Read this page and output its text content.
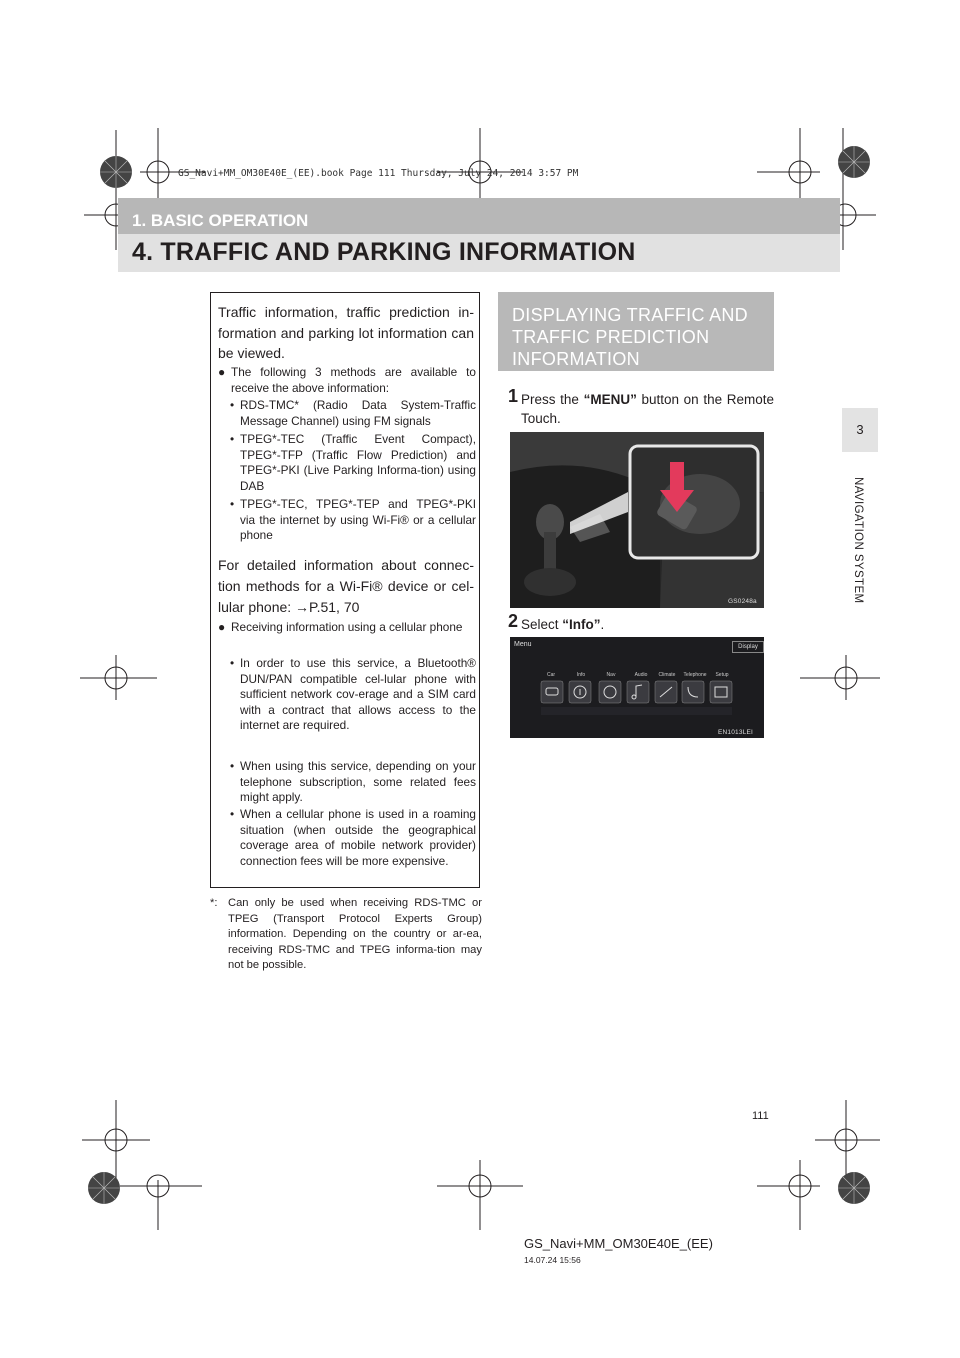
GS_Navi+MM_OM30E40E_(EE).book Page 111 Thursday, July 24, 2014 3:57 PM
1. BASIC OPERATION
4. TRAFFIC AND PARKING INFORMATION
3
NAVIGATION SYSTEM

Traffic information, traffic prediction in-formation and parking lot information can be viewed.

● The following 3 methods are available to receive the above information:
• RDS-TMC* (Radio Data System-Traffic Message Channel) using FM signals
• TPEG*-TEC (Traffic Event Compact), TPEG*-TFP (Traffic Flow Prediction) and TPEG*-PKI (Live Parking Informa-tion) using DAB
• TPEG*-TEC, TPEG*-TEP and TPEG*-PKI via the internet by using Wi-Fi® or a cellular phone

For detailed information about connec-tion methods for a Wi-Fi® device or cel-lular phone: →P.51, 70

● Receiving information using a cellular phone
• In order to use this service, a Bluetooth® DUN/PAN compatible cel-lular phone with sufficient network cov-erage and a SIM card with a contract that allows access to the internet are required.
• When using this service, depending on your telephone subscription, some related fees might apply.
• When a cellular phone is used in a roaming situation (when outside the geographical coverage area of mobile network provider) connection fees will be more expensive.
*: Can only be used when receiving RDS-TMC or TPEG (Transport Protocol Experts Group) information. Depending on the country or ar-ea, receiving RDS-TMC and TPEG informa-tion may not be possible.
DISPLAYING TRAFFIC AND TRAFFIC PREDICTION INFORMATION
1 Press the “MENU” button on the Remote Touch.
GS0248a
2 Select “Info”.
Menu	Display
Car	Info	Nav	Audio	Climate	Telephone	Setup
EN1013LEI
111
GS_Navi+MM_OM30E40E_(EE)
14.07.24 15:56
